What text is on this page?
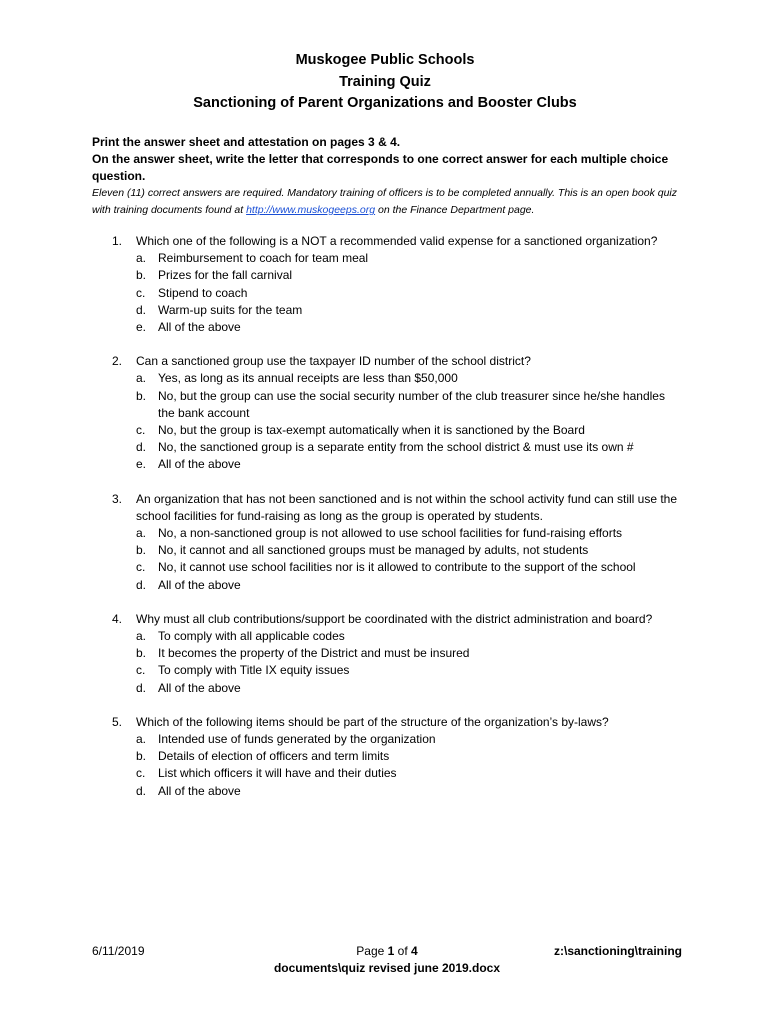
Muskogee Public Schools
Training Quiz
Sanctioning of Parent Organizations and Booster Clubs
Print the answer sheet and attestation on pages 3 & 4.
On the answer sheet, write the letter that corresponds to one correct answer for each multiple choice question.
Eleven (11) correct answers are required. Mandatory training of officers is to be completed annually. This is an open book quiz with training documents found at http://www.muskogeeps.org on the Finance Department page.
1.	Which one of the following is a NOT a recommended valid expense for a sanctioned organization?
a. Reimbursement to coach for team meal
b. Prizes for the fall carnival
c. Stipend to coach
d. Warm-up suits for the team
e. All of the above
2.	Can a sanctioned group use the taxpayer ID number of the school district?
a. Yes, as long as its annual receipts are less than $50,000
b. No, but the group can use the social security number of the club treasurer since he/she handles the bank account
c. No, but the group is tax-exempt automatically when it is sanctioned by the Board
d. No, the sanctioned group is a separate entity from the school district & must use its own #
e. All of the above
3.	An organization that has not been sanctioned and is not within the school activity fund can still use the school facilities for fund-raising as long as the group is operated by students.
a. No, a non-sanctioned group is not allowed to use school facilities for fund-raising efforts
b. No, it cannot and all sanctioned groups must be managed by adults, not students
c. No, it cannot use school facilities nor is it allowed to contribute to the support of the school
d. All of the above
4.	Why must all club contributions/support be coordinated with the district administration and board?
a. To comply with all applicable codes
b. It becomes the property of the District and must be insured
c. To comply with Title IX equity issues
d. All of the above
5.	Which of the following items should be part of the structure of the organization’s by-laws?
a. Intended use of funds generated by the organization
b. Details of election of officers and term limits
c. List which officers it will have and their duties
d. All of the above
6/11/2019	Page 1 of 4	z:\sanctioning\training
documents\quiz revised june 2019.docx
